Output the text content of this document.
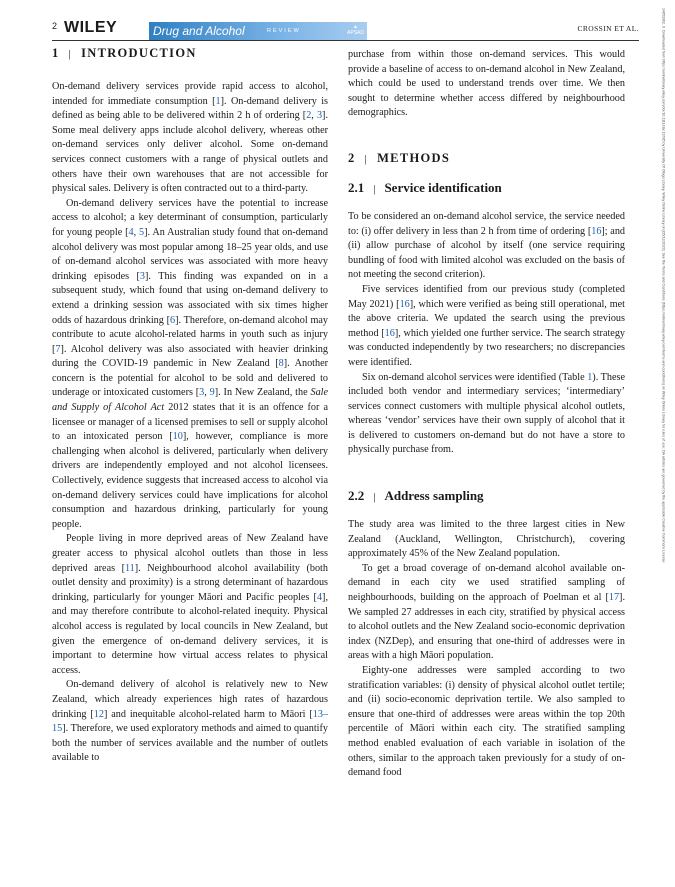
14653362, 0, Downloaded from https://onlinelibrary.wiley.com/doi/10.1111/dar.13785 by University Of Otago Library, Wiley Online Library on [05/12/2023]. See the Terms and Conditions (https://onlinelibrary.wiley.com/terms-and-conditions) on Wiley Online Library for rules of use; OA articles are governed by the applicable Creative Commons License
2 WILEY	Drug and Alcohol	REVIEW
▲
APSAD	CROSSIN ET AL.
1 | INTRODUCTION

On-demand delivery services provide rapid access to alcohol, intended for immediate consumption [1]. On-demand delivery is defined as being able to be delivered within 2 h of ordering [2, 3]. Some meal delivery apps include alcohol delivery, whereas other on-demand services only deliver alcohol. Some on-demand services connect customers with a range of physical outlets and others have their own warehouses that are not accessible for physical sales. Delivery is often contracted out to a third-party.

On-demand delivery services have the potential to increase access to alcohol; a key determinant of consumption, particularly for young people [4, 5]. An Australian study found that on-demand alcohol delivery was most popular among 18–25 year olds, and use of on-demand alcohol services was associated with more heavy drinking episodes [3]. This finding was expanded on in a subsequent study, which found that using on-demand delivery to extend a drinking session was associated with six times higher odds of hazardous drinking [6]. Therefore, on-demand alcohol may contribute to acute alcohol-related harms in youth such as injury [7]. Alcohol delivery was also associated with heavier drinking during the COVID-19 pandemic in New Zealand [8]. Another concern is the potential for alcohol to be sold and delivered to underage or intoxicated customers [3, 9]. In New Zealand, the Sale and Supply of Alcohol Act 2012 states that it is an offence for a licensee or manager of a licensed premises to sell or supply alcohol to an intoxicated person [10], however, compliance is more challenging when alcohol is delivered, particularly when delivery drivers are independently employed and not alcohol licensees. Collectively, evidence suggests that increased access to alcohol via on-demand delivery services could have implications for alcohol consumption and hazardous drinking, particularly for young people.

People living in more deprived areas of New Zealand have greater access to physical alcohol outlets than those in less deprived areas [11]. Neighbourhood alcohol availability (both outlet density and proximity) is a strong determinant of hazardous drinking, particularly for younger Māori and Pacific peoples [4], and may therefore contribute to alcohol-related inequity. Physical alcohol access is regulated by local councils in New Zealand, but given the emergence of on-demand delivery services, it is important to determine how virtual access relates to physical access.

On-demand delivery of alcohol is relatively new to New Zealand, which already experiences high rates of hazardous drinking [12] and inequitable alcohol-related harm to Māori [13–15]. Therefore, we used exploratory methods and aimed to quantify both the number of services available and the number of outlets available to

purchase from within those on-demand services. This would provide a baseline of access to on-demand alcohol in New Zealand, which could be used to understand trends over time. We then sought to determine whether access differed by neighbourhood demographics.

2 | METHODS
2.1 | Service identification

To be considered an on-demand alcohol service, the service needed to: (i) offer delivery in less than 2 h from time of ordering [16]; and (ii) allow purchase of alcohol by itself (one service requiring bundling of food with limited alcohol was excluded on the basis of not meeting the second criterion).

Five services identified from our previous study (completed May 2021) [16], which were verified as being still operational, met the above criteria. We updated the search using the previous method [16], which yielded one further service. The search strategy was conducted independently by two researchers; no discrepancies were identified.

Six on-demand alcohol services were identified (Table 1). These included both vendor and intermediary services; ‘intermediary’ services connect customers with multiple physical alcohol outlets, whereas ‘vendor’ services have their own supply of alcohol that it is delivered to customers on-demand but do not have a store to physically purchase from.

2.2 | Address sampling

The study area was limited to the three largest cities in New Zealand (Auckland, Wellington, Christchurch), covering approximately 45% of the New Zealand population.

To get a broad coverage of on-demand alcohol available on-demand in each city we used stratified sampling of neighbourhoods, building on the approach of Poelman et al [17]. We sampled 27 addresses in each city, stratified by physical access to alcohol outlets and the New Zealand socio-economic deprivation index (NZDep), and ensuring that one-third of addresses were in areas with a high Māori population.

Eighty-one addresses were sampled according to two stratification variables: (i) density of physical alcohol outlet tertile; and (ii) socio-economic deprivation tertile. We also sampled to ensure that one-third of addresses were areas within the top 20th percentile of Māori within each city. The stratified sampling method enabled evaluation of each variable in isolation of the others, similar to the approach taken previously for a study of on-demand food
